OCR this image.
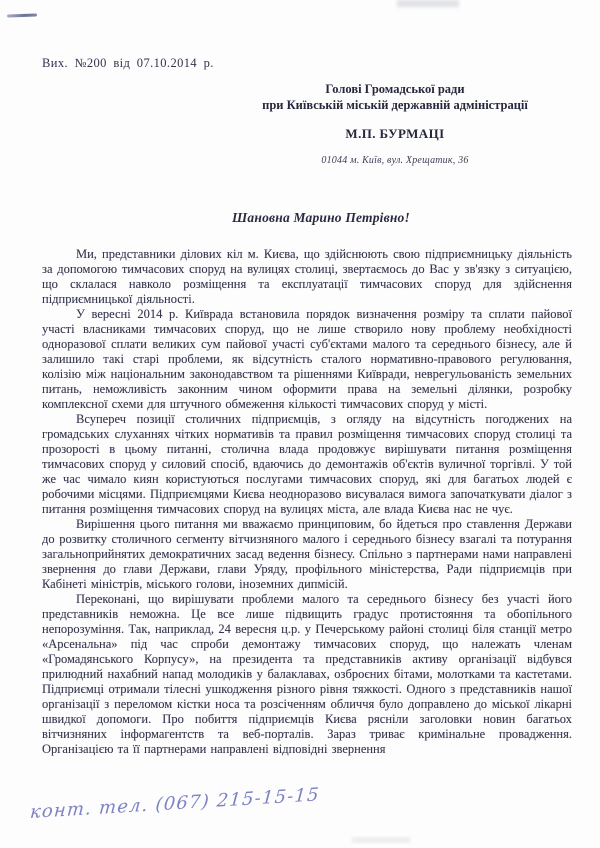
Вих. №200 від 07.10.2014 р.
Голові Громадської ради
при Київській міській державній адміністрації
М.П. БУРМАЦІ
01044 м. Київ, вул. Хрещатик, 36
Шановна Марино Петрівно!

Ми, представники ділових кіл м. Києва, що здійснюють свою підприємницьку діяльність за допомогою тимчасових споруд на вулицях столиці, звертаємось до Вас у зв'язку з ситуацією, що склалася навколо розміщення та експлуатації тимчасових споруд для здійснення підприємницької діяльності.

У вересні 2014 р. Київрада встановила порядок визначення розміру та сплати пайової участі власниками тимчасових споруд, що не лише створило нову проблему необхідності одноразової сплати великих сум пайової участі суб'єктами малого та середнього бізнесу, але й залишило такі старі проблеми, як відсутність сталого нормативно-правового регулювання, колізію між національним законодавством та рішеннями Київради, неврегульованість земельних питань, неможливість законним чином оформити права на земельні ділянки, розробку комплексної схеми для штучного обмеження кількості тимчасових споруд у місті.

Всупереч позиції столичних підприємців, з огляду на відсутність погоджених на громадських слуханнях чітких нормативів та правил розміщення тимчасових споруд столиці та прозорості в цьому питанні, столична влада продовжує вирішувати питання розміщення тимчасових споруд у силовий спосіб, вдаючись до демонтажів об'єктів вуличної торгівлі. У той же час чимало киян користуються послугами тимчасових споруд, які для багатьох людей є робочими місцями. Підприємцями Києва неодноразово висувалася вимога започаткувати діалог з питання розміщення тимчасових споруд на вулицях міста, але влада Києва нас не чує.

Вирішення цього питання ми вважаємо принциповим, бо йдеться про ставлення Держави до розвитку столичного сегменту вітчизняного малого і середнього бізнесу взагалі та потурання загальноприйнятих демократичних засад ведення бізнесу. Спільно з партнерами нами направлені звернення до глави Держави, глави Уряду, профільного міністерства, Ради підприємців при Кабінеті міністрів, міського голови, іноземних дипмісій.

Переконані, що вирішувати проблеми малого та середнього бізнесу без участі його представників неможна. Це все лише підвищить градус протистояння та обопільного непорозуміння. Так, наприклад, 24 вересня ц.р. у Печерському районі столиці біля станції метро «Арсенальна» під час спроби демонтажу тимчасових споруд, що належать членам «Громадянського Корпусу», на президента та представників активу організації відбувся прилюдний нахабний напад молодиків у балаклавах, озброєних бітами, молотками та кастетами. Підприємці отримали тілесні ушкодження різного рівня тяжкості. Одного з представників нашої організації з переломом кістки носа та розсіченням обличчя було доправлено до міської лікарні швидкої допомоги. Про побиття підприємців Києва рясніли заголовки новин багатьох вітчизняних інформагентств та веб-порталів. Зараз триває кримінальне провадження. Організацією та її партнерами направлені відповідні звернення

конт. тел. (067) 215-15-15
